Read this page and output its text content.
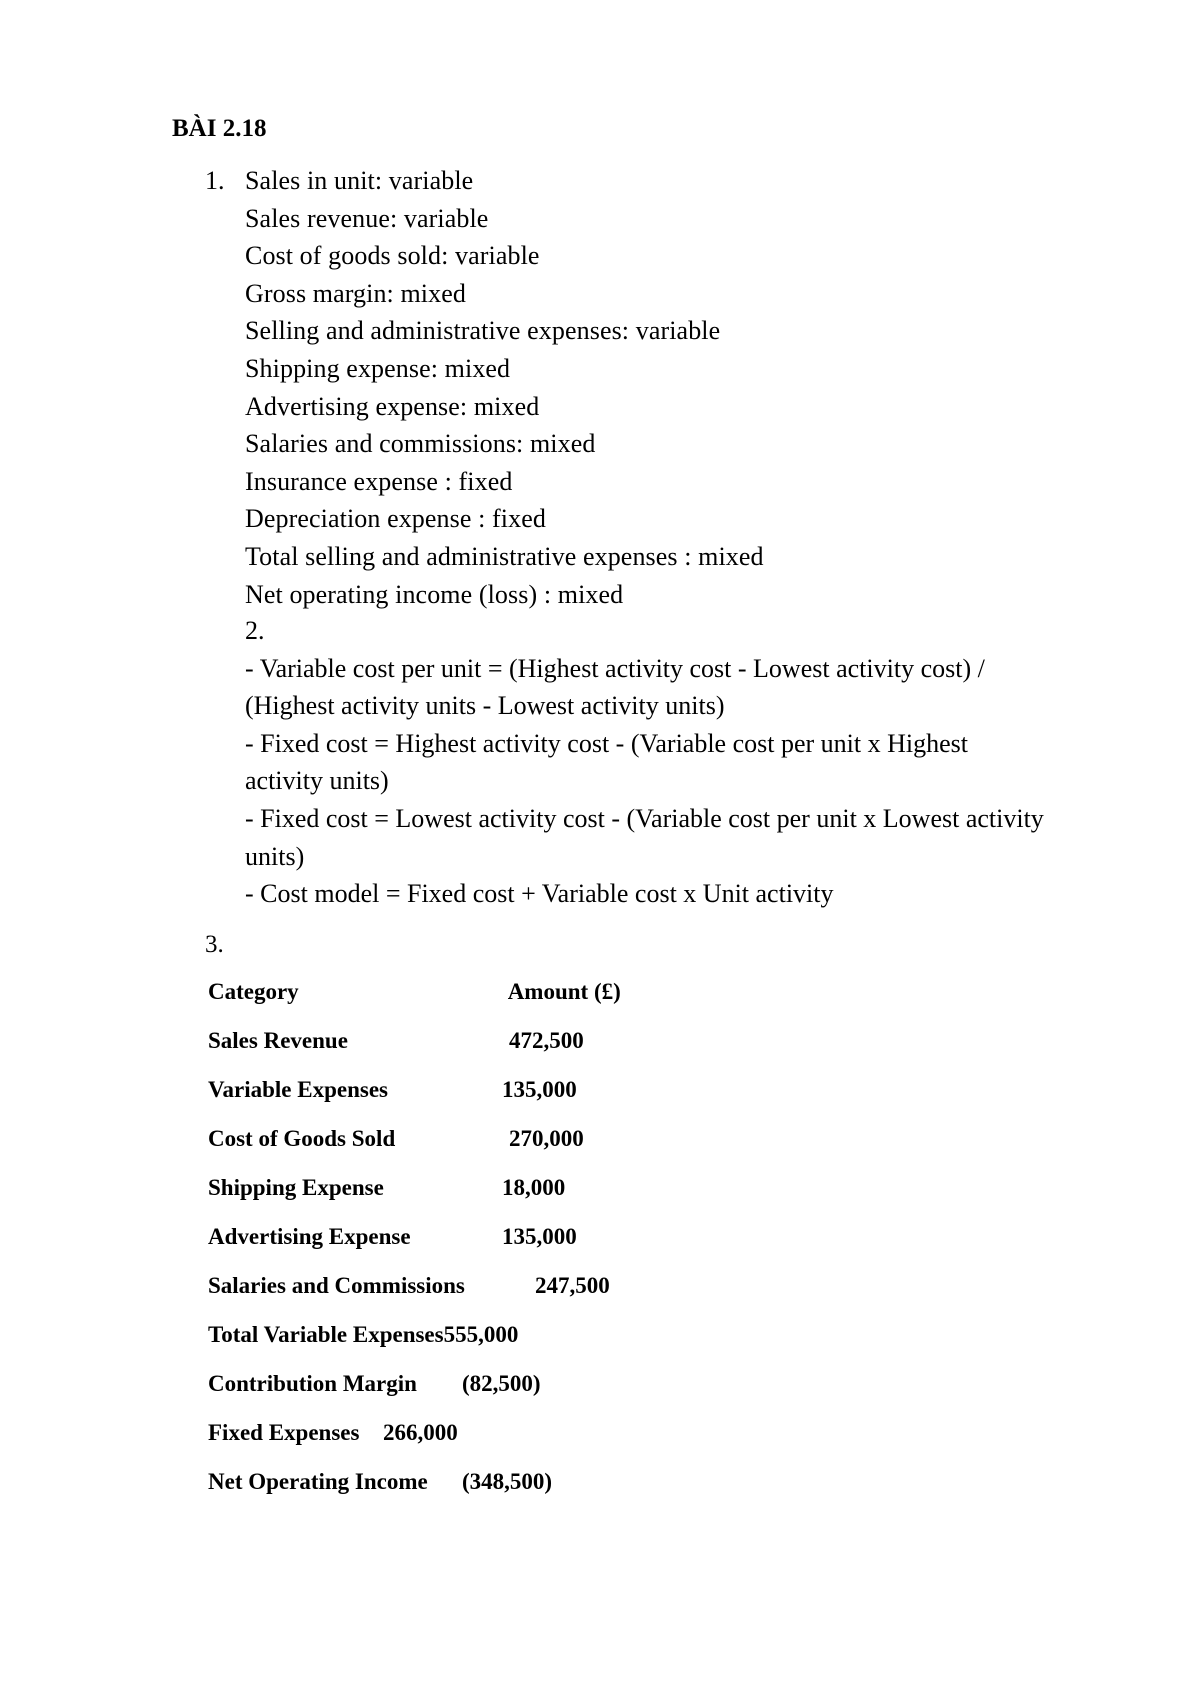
BÀI 2.18
1. Sales in unit: variable
Sales revenue: variable
Cost of goods sold: variable
Gross margin: mixed
Selling and administrative expenses: variable
Shipping expense: mixed
Advertising expense: mixed
Salaries and commissions: mixed
Insurance expense : fixed
Depreciation expense : fixed
Total selling and administrative expenses : mixed
Net operating income (loss) : mixed
2.
- Variable cost per unit = (Highest activity cost - Lowest activity cost) /
(Highest activity units - Lowest activity units)
- Fixed cost = Highest activity cost - (Variable cost per unit x Highest
activity units)
- Fixed cost = Lowest activity cost - (Variable cost per unit x Lowest activity
units)
- Cost model = Fixed cost + Variable cost x Unit activity
3.
Category	Amount (£)
Sales Revenue	472,500
Variable Expenses	135,000
Cost of Goods Sold	270,000
Shipping Expense	18,000
Advertising Expense	135,000
Salaries and Commissions	247,500
Total Variable Expenses555,000
Contribution Margin (82,500)
Fixed Expenses 266,000
Net Operating Income (348,500)
